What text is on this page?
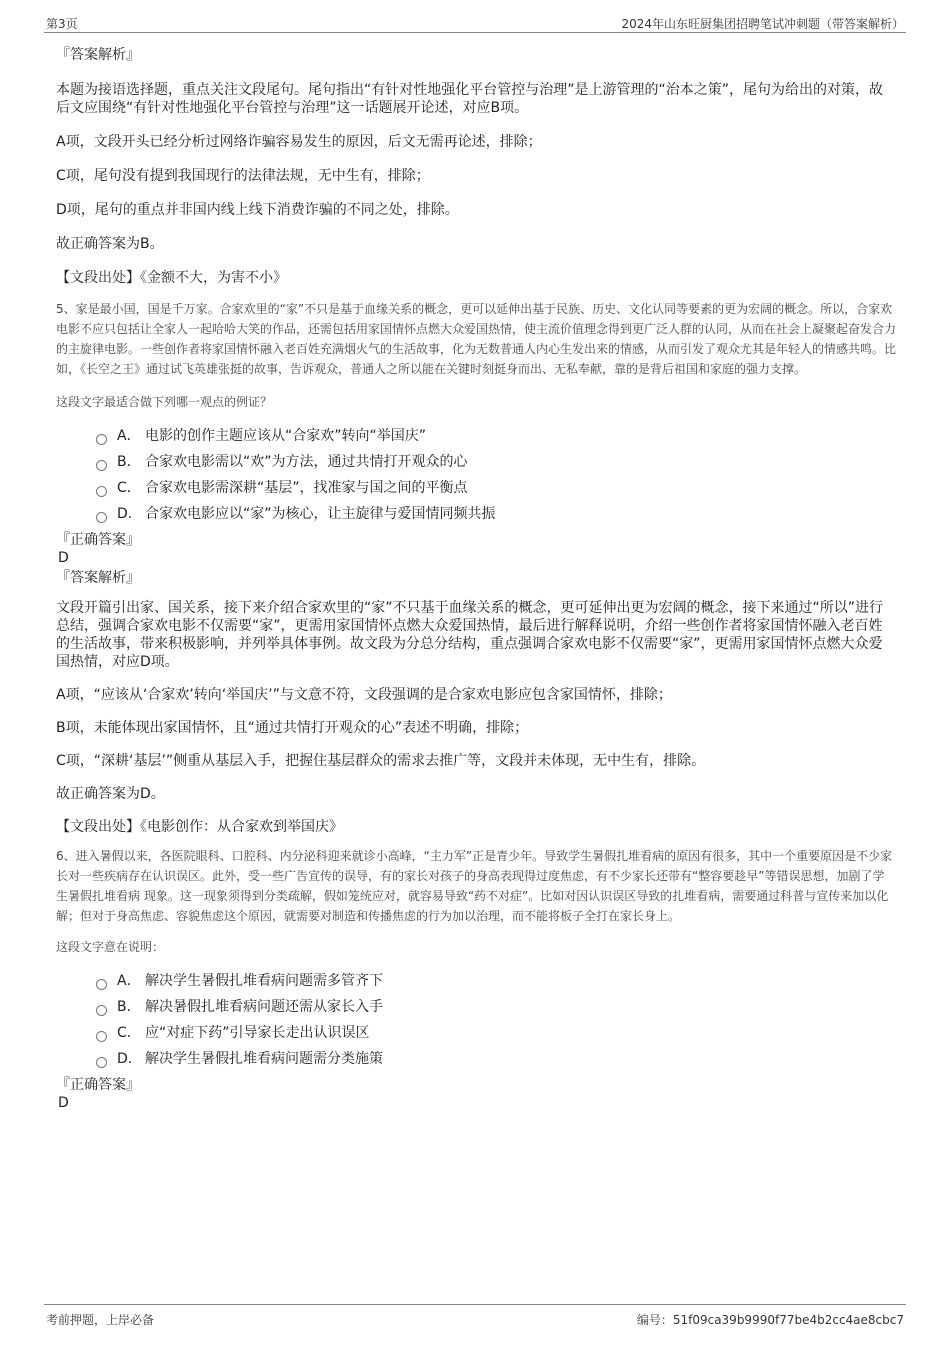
第3页	2024年山东旺厨集团招聘笔试冲刺题（带答案解析）

『答案解析』

本题为接语选择题，重点关注文段尾句。尾句指出“有针对性地强化平台管控与治理”是上游管理的“治本之策”，尾句为给出的对策，故后文应围绕“有针对性地强化平台管控与治理”这一话题展开论述，对应B项。

A项，文段开头已经分析过网络诈骗容易发生的原因，后文无需再论述，排除；

C项，尾句没有提到我国现行的法律法规，无中生有，排除；

D项，尾句的重点并非国内线上线下消费诈骗的不同之处，排除。

故正确答案为B。

【文段出处】《金额不大，为害不小》

5、家是最小国，国是千万家。合家欢里的“家”不只是基于血缘关系的概念，更可以延伸出基于民族、历史、文化认同等要素的更为宏阔的概念。所以，合家欢电影不应只包括让全家人一起哈哈大笑的作品，还需包括用家国情怀点燃大众爱国热情，使主流价值理念得到更广泛人群的认同，从而在社会上凝聚起奋发合力的主旋律电影。一些创作者将家国情怀融入老百姓充满烟火气的生活故事，化为无数普通人内心生发出来的情感，从而引发了观众尤其是年轻人的情感共鸣。比如，《长空之王》通过试飞英雄张挺的故事，告诉观众，普通人之所以能在关键时刻挺身而出、无私奉献，靠的是背后祖国和家庭的强力支撑。

这段文字最适合做下列哪一观点的例证？

A． 电影的创作主题应该从“合家欢”转向“举国庆”
B． 合家欢电影需以“欢”为方法，通过共情打开观众的心
C． 合家欢电影需深耕“基层”，找准家与国之间的平衡点
D． 合家欢电影应以“家”为核心，让主旋律与爱国情同频共振

『正确答案』

D

『答案解析』

文段开篇引出家、国关系，接下来介绍合家欢里的“家”不只基于血缘关系的概念，更可延伸出更为宏阔的概念，接下来通过“所以”进行总结，强调合家欢电影不仅需要“家”，更需用家国情怀点燃大众爱国热情，最后进行解释说明，介绍一些创作者将家国情怀融入老百姓的生活故事，带来积极影响，并列举具体事例。故文段为分总分结构，重点强调合家欢电影不仅需要“家”，更需用家国情怀点燃大众爱国热情，对应D项。

A项，“应该从‘合家欢’转向‘举国庆’”与文意不符，文段强调的是合家欢电影应包含家国情怀，排除；

B项，未能体现出家国情怀，且“通过共情打开观众的心”表述不明确，排除；

C项，“深耕‘基层’”侧重从基层入手，把握住基层群众的需求去推广等，文段并未体现，无中生有，排除。

故正确答案为D。

【文段出处】《电影创作：从合家欢到举国庆》

6、进入暑假以来，各医院眼科、口腔科、内分泌科迎来就诊小高峰，“主力军”正是青少年。导致学生暑假扎堆看病的原因有很多，其中一个重要原因是不少家长对一些疾病存在认识误区。此外，受一些广告宣传的误导，有的家长对孩子的身高表现得过度焦虑，有不少家长还带有“整容要趁早”等错误思想，加剧了学生暑假扎堆看病 现象。这一现象须得到分类疏解，假如笼统应对，就容易导致“药不对症”。比如对因认识误区导致的扎堆看病，需要通过科普与宣传来加以化解；但对于身高焦虑、容貌焦虑这个原因，就需要对制造和传播焦虑的行为加以治理，而不能将板子全打在家长身上。

这段文字意在说明：

A． 解决学生暑假扎堆看病问题需多管齐下
B． 解决暑假扎堆看病问题还需从家长入手
C． 应“对症下药”引导家长走出认识误区
D． 解决学生暑假扎堆看病问题需分类施策

『正确答案』

D

考前押题，上岸必备	编号：51f09ca39b9990f77be4b2cc4ae8cbc7
